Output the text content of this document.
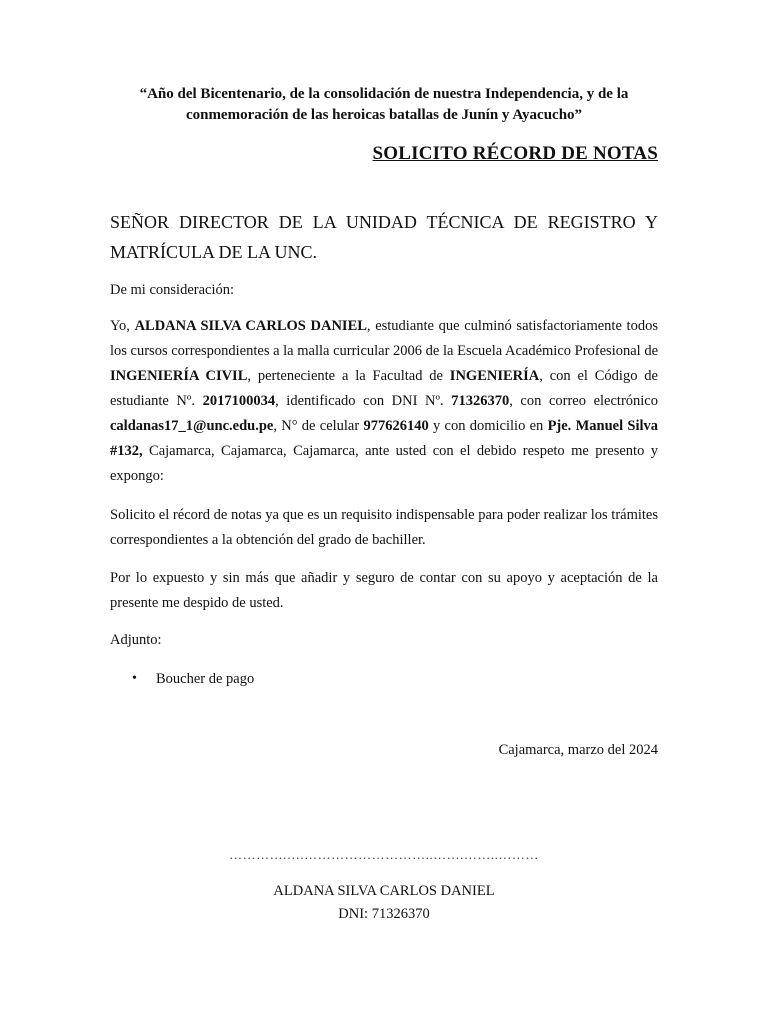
“Año del Bicentenario, de la consolidación de nuestra Independencia, y de la
conmemoración de las heroicas batallas de Junín y Ayacucho”
SOLICITO RÉCORD DE NOTAS
SEÑOR DIRECTOR DE LA UNIDAD TÉCNICA DE REGISTRO Y MATRÍCULA DE LA UNC.
De mi consideración:
Yo, ALDANA SILVA CARLOS DANIEL, estudiante que culminó satisfactoriamente todos los cursos correspondientes a la malla curricular 2006 de la Escuela Académico Profesional de INGENIERÍA CIVIL, perteneciente a la Facultad de INGENIERÍA, con el Código de estudiante Nº. 2017100034, identificado con DNI Nº. 71326370, con correo electrónico caldanas17_1@unc.edu.pe, N° de celular 977626140 y con domicilio en Pje. Manuel Silva #132, Cajamarca, Cajamarca, Cajamarca, ante usted con el debido respeto me presento y expongo:
Solicito el récord de notas ya que es un requisito indispensable para poder realizar los trámites correspondientes a la obtención del grado de bachiller.
Por lo expuesto y sin más que añadir y seguro de contar con su apoyo y aceptación de la presente me despido de usted.
Adjunto:
• Boucher de pago
Cajamarca, marzo del 2024
………….….………………………..…….……..………
ALDANA SILVA CARLOS DANIEL
DNI: 71326370
